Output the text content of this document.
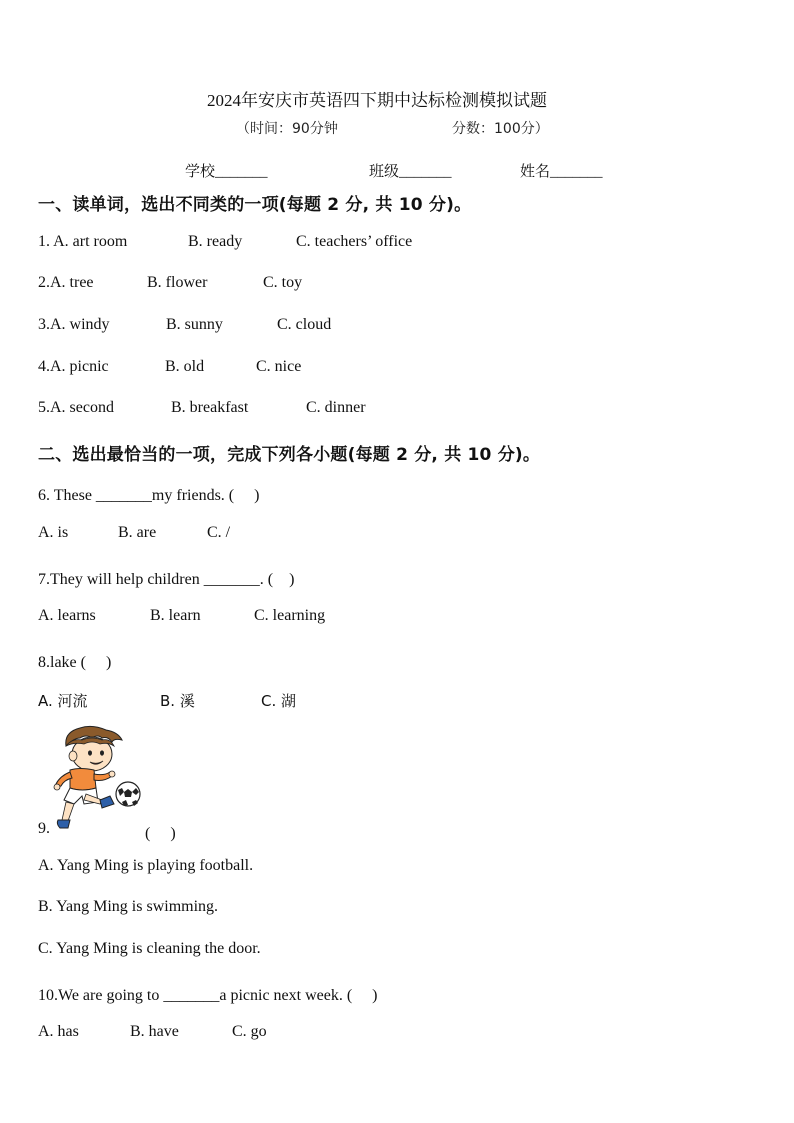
2024年安庆市英语四下期中达标检测模拟试题
（时间：90分钟	分数：100分）
学校_______	班级_______	姓名_______
一、读单词，选出不同类的一项(每题 2 分, 共 10 分)。
1. A. art room	B. ready	C. teachers’ office
2.A. tree	B. flower	C. toy
3.A. windy	B. sunny	C. cloud
4.A. picnic	B. old	C. nice
5.A. second	B. breakfast	C. dinner
二、选出最恰当的一项，完成下列各小题(每题 2 分, 共 10 分)。
6. These _______my friends. (　 )
A. is	B. are	C. /
7.They will help children _______. (　)
A. learns	B. learn	C. learning
8.lake (　 )
A. 河流	B. 溪	C. 湖
9.	(　 )
A. Yang Ming is playing football.
B. Yang Ming is swimming.
C. Yang Ming is cleaning the door.
10.We are going to _______a picnic next week. (　 )
A. has	B. have	C. go
